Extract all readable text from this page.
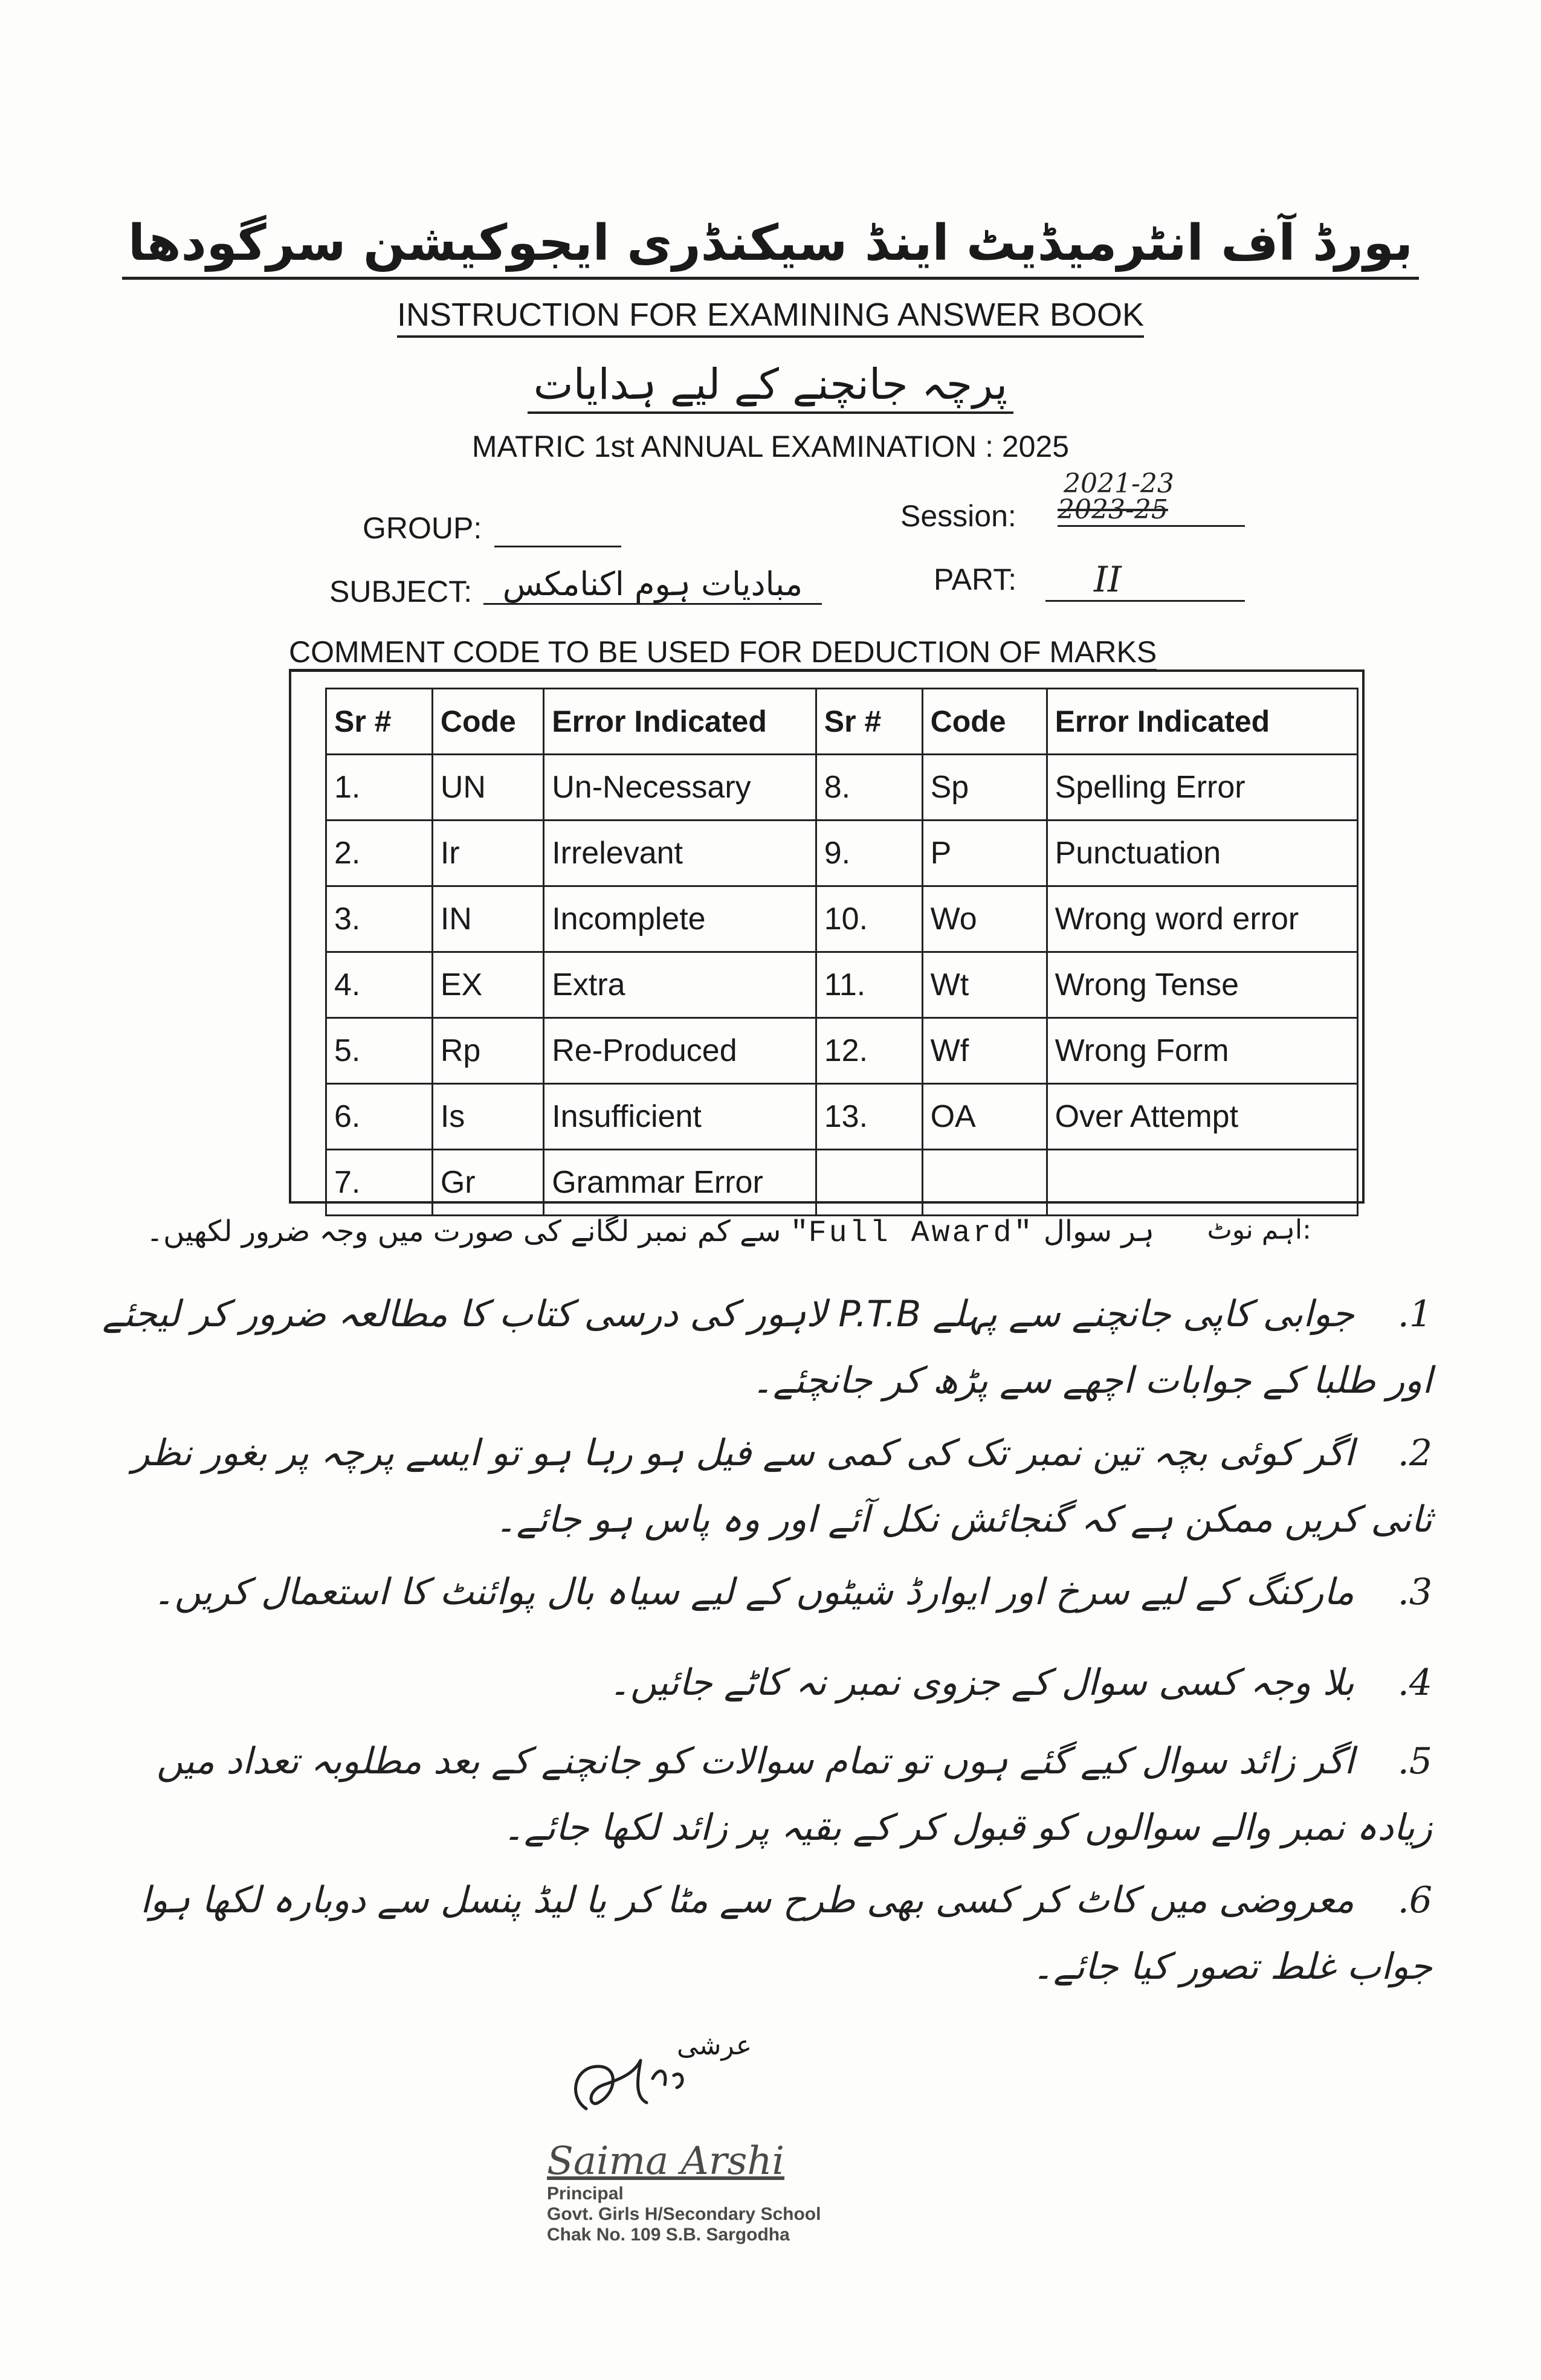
بورڈ آف انٹرمیڈیٹ اینڈ سیکنڈری ایجوکیشن سرگودھا
INSTRUCTION FOR EXAMINING ANSWER BOOK
پرچہ جانچنے کے لیے ہدایات
MATRIC 1st ANNUAL EXAMINATION : 2025
2021-23
Session: 2023-25
GROUP:
SUBJECT: مبادیات ہوم اکنامکس	PART:	II
COMMENT CODE TO BE USED FOR DEDUCTION OF MARKS
Sr #	Code	Error Indicated	Sr #	Code	Error Indicated
1.	UN	Un-Necessary	8.	Sp	Spelling Error
2.	Ir	Irrelevant	9.	P	Punctuation
3.	IN	Incomplete	10.	Wo	Wrong word error
4.	EX	Extra	11.	Wt	Wrong Tense
5.	Rp	Re-Produced	12.	Wf	Wrong Form
6.	Is	Insufficient	13.	OA	Over Attempt
7.	Gr	Grammar Error			
اہم نوٹ:
ہر سوال "Full Award" سے کم نمبر لگانے کی صورت میں وجہ ضرور لکھیں۔
1. جوابی کاپی جانچنے سے پہلے P.T.B لاہور کی درسی کتاب کا مطالعہ ضرور کر لیجئے اور طلبا کے جوابات اچھے سے پڑھ کر جانچئے۔
2. اگر کوئی بچہ تین نمبر تک کی کمی سے فیل ہو رہا ہو تو ایسے پرچہ پر بغور نظر ثانی کریں ممکن ہے کہ گنجائش نکل آئے اور وہ پاس ہو جائے۔
3. مارکنگ کے لیے سرخ اور ایوارڈ شیٹوں کے لیے سیاہ بال پوائنٹ کا استعمال کریں۔
4. بلا وجہ کسی سوال کے جزوی نمبر نہ کاٹے جائیں۔
5. اگر زائد سوال کیے گئے ہوں تو تمام سوالات کو جانچنے کے بعد مطلوبہ تعداد میں زیادہ نمبر والے سوالوں کو قبول کر کے بقیہ پر زائد لکھا جائے۔
6. معروضی میں کاٹ کر کسی بھی طرح سے مٹا کر یا لیڈ پنسل سے دوبارہ لکھا ہوا جواب غلط تصور کیا جائے۔
عرشی
Saima Arshi
Principal
Govt. Girls H/Secondary School
Chak No. 109 S.B. Sargodha
